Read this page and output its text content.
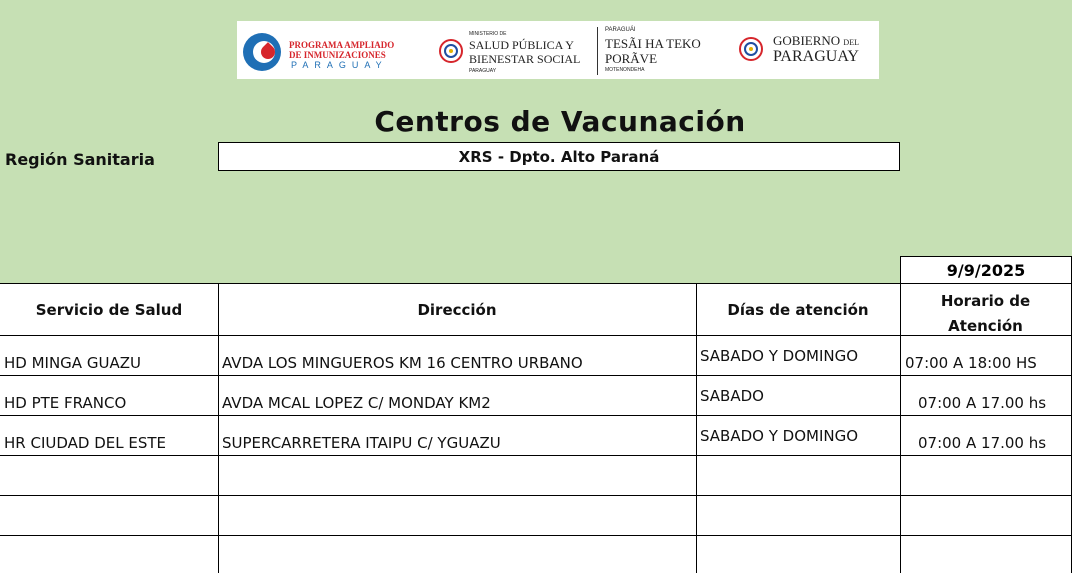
PROGRAMA AMPLIADO
DE INMUNIZACIONES
PARAGUAY
MINISTERIO DE
SALUD PÚBLICA Y
BIENESTAR SOCIAL
PARAGUAY
PARAGUÁI
TESÃI HA TEKO
PORÃVE
MOTENONDEHA
GOBIERNO DEL
PARAGUAY
Centros de Vacunación
Región Sanitaria	XRS - Dpto. Alto Paraná
9/9/2025
Servicio de Salud	Dirección	Días de atención	Horario de
Atención
HD MINGA GUAZU	AVDA LOS MINGUEROS KM 16 CENTRO URBANO	SABADO Y DOMINGO	07:00 A 18:00 HS
HD PTE FRANCO	AVDA MCAL LOPEZ C/ MONDAY KM2	SABADO	07:00 A 17.00 hs
HR CIUDAD DEL ESTE	SUPERCARRETERA ITAIPU C/ YGUAZU	SABADO Y DOMINGO	07:00 A 17.00 hs
